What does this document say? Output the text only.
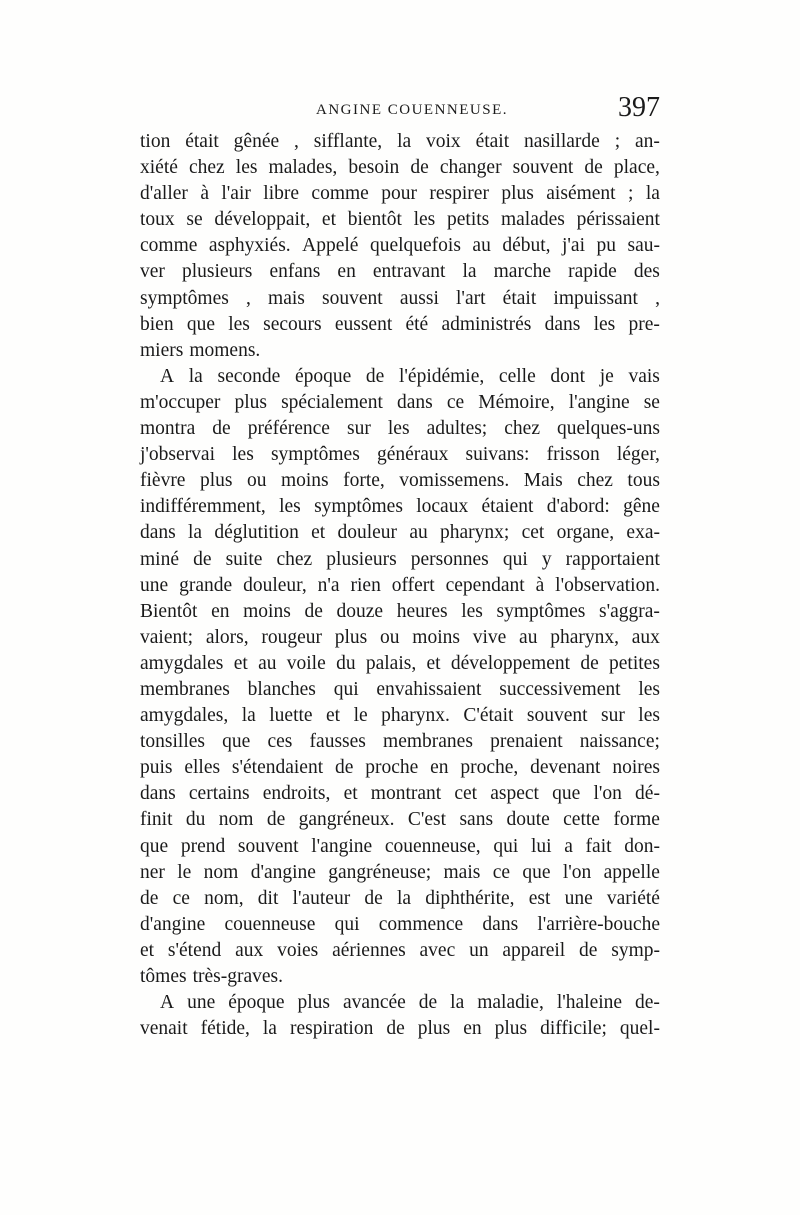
ANGINE COUENNEUSE.	397
tion était gênée , sifflante, la voix était nasillarde ; an-
xiété chez les malades, besoin de changer souvent de place,
d'aller à l'air libre comme pour respirer plus aisément ; la
toux se développait, et bientôt les petits malades périssaient
comme asphyxiés. Appelé quelquefois au début, j'ai pu sau-
ver plusieurs enfans en entravant la marche rapide des
symptômes , mais souvent aussi l'art était impuissant ,
bien que les secours eussent été administrés dans les pre-
miers momens.
A la seconde époque de l'épidémie, celle dont je vais
m'occuper plus spécialement dans ce Mémoire, l'angine se
montra de préférence sur les adultes; chez quelques-uns
j'observai les symptômes généraux suivans: frisson léger,
fièvre plus ou moins forte, vomissemens. Mais chez tous
indifféremment, les symptômes locaux étaient d'abord: gêne
dans la déglutition et douleur au pharynx; cet organe, exa-
miné de suite chez plusieurs personnes qui y rapportaient
une grande douleur, n'a rien offert cependant à l'observation.
Bientôt en moins de douze heures les symptômes s'aggra-
vaient; alors, rougeur plus ou moins vive au pharynx, aux
amygdales et au voile du palais, et développement de petites
membranes blanches qui envahissaient successivement les
amygdales, la luette et le pharynx. C'était souvent sur les
tonsilles que ces fausses membranes prenaient naissance;
puis elles s'étendaient de proche en proche, devenant noires
dans certains endroits, et montrant cet aspect que l'on dé-
finit du nom de gangréneux. C'est sans doute cette forme
que prend souvent l'angine couenneuse, qui lui a fait don-
ner le nom d'angine gangréneuse; mais ce que l'on appelle
de ce nom, dit l'auteur de la diphthérite, est une variété
d'angine couenneuse qui commence dans l'arrière-bouche
et s'étend aux voies aériennes avec un appareil de symp-
tômes très-graves.
A une époque plus avancée de la maladie, l'haleine de-
venait fétide, la respiration de plus en plus difficile; quel-
